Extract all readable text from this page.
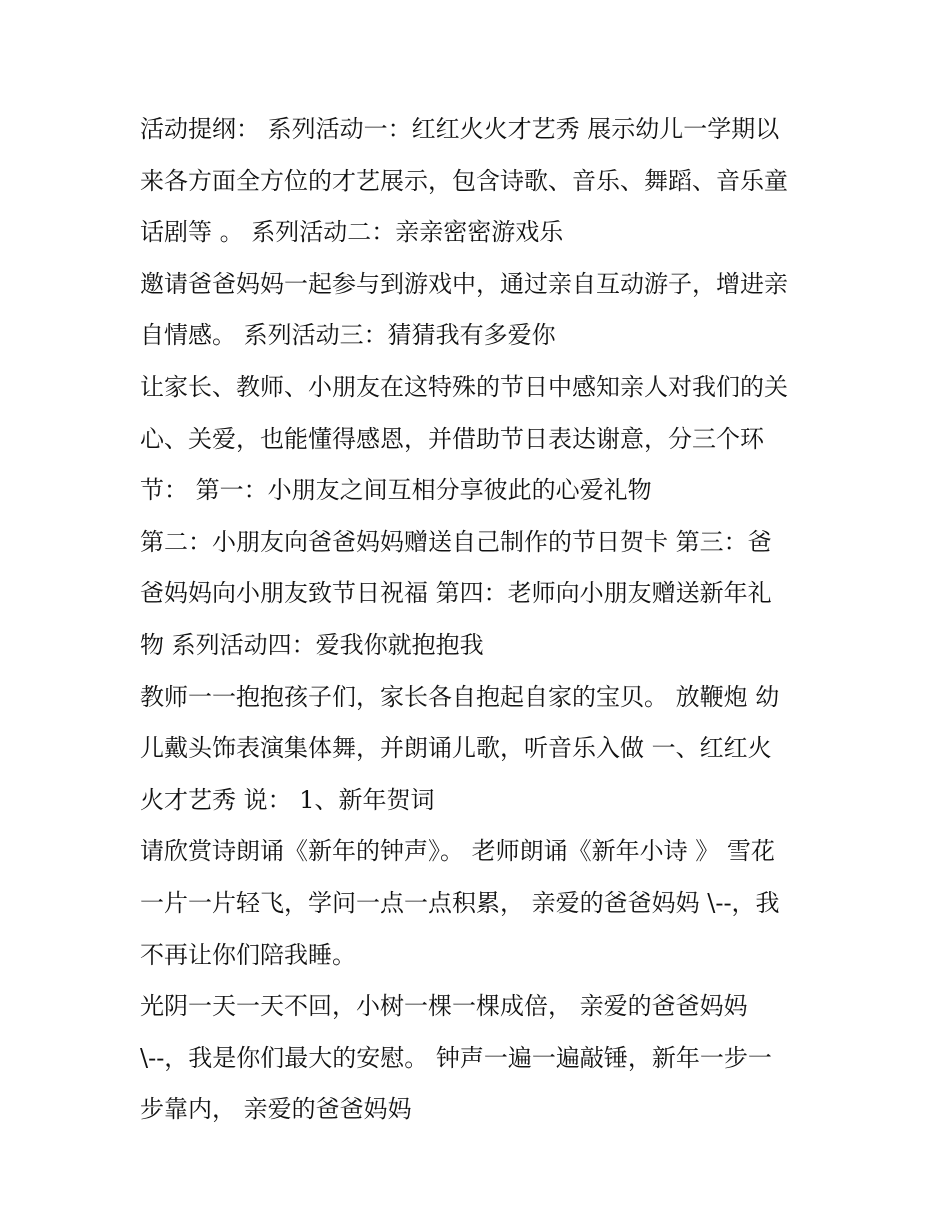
活动提纲： 系列活动一：红红火火才艺秀 展示幼儿一学期以
来各方面全方位的才艺展示，包含诗歌、音乐、舞蹈、音乐童
话剧等 。 系列活动二：亲亲密密游戏乐
邀请爸爸妈妈一起参与到游戏中，通过亲自互动游子，增进亲
自情感。 系列活动三：猜猜我有多爱你
让家长、教师、小朋友在这特殊的节日中感知亲人对我们的关
心、关爱，也能懂得感恩，并借助节日表达谢意，分三个环
节： 第一：小朋友之间互相分享彼此的心爱礼物
第二：小朋友向爸爸妈妈赠送自己制作的节日贺卡 第三：爸
爸妈妈向小朋友致节日祝福 第四：老师向小朋友赠送新年礼
物 系列活动四：爱我你就抱抱我
教师一一抱抱孩子们，家长各自抱起自家的宝贝。 放鞭炮 幼
儿戴头饰表演集体舞，并朗诵儿歌，听音乐入做 一、红红火
火才艺秀 说： 1、新年贺词
请欣赏诗朗诵《新年的钟声》。 老师朗诵《新年小诗 》 雪花
一片一片轻飞，学问一点一点积累， 亲爱的爸爸妈妈 \--，我
不再让你们陪我睡。
光阴一天一天不回，小树一棵一棵成倍， 亲爱的爸爸妈妈
\--，我是你们最大的安慰。 钟声一遍一遍敲锤，新年一步一
步靠内， 亲爱的爸爸妈妈
